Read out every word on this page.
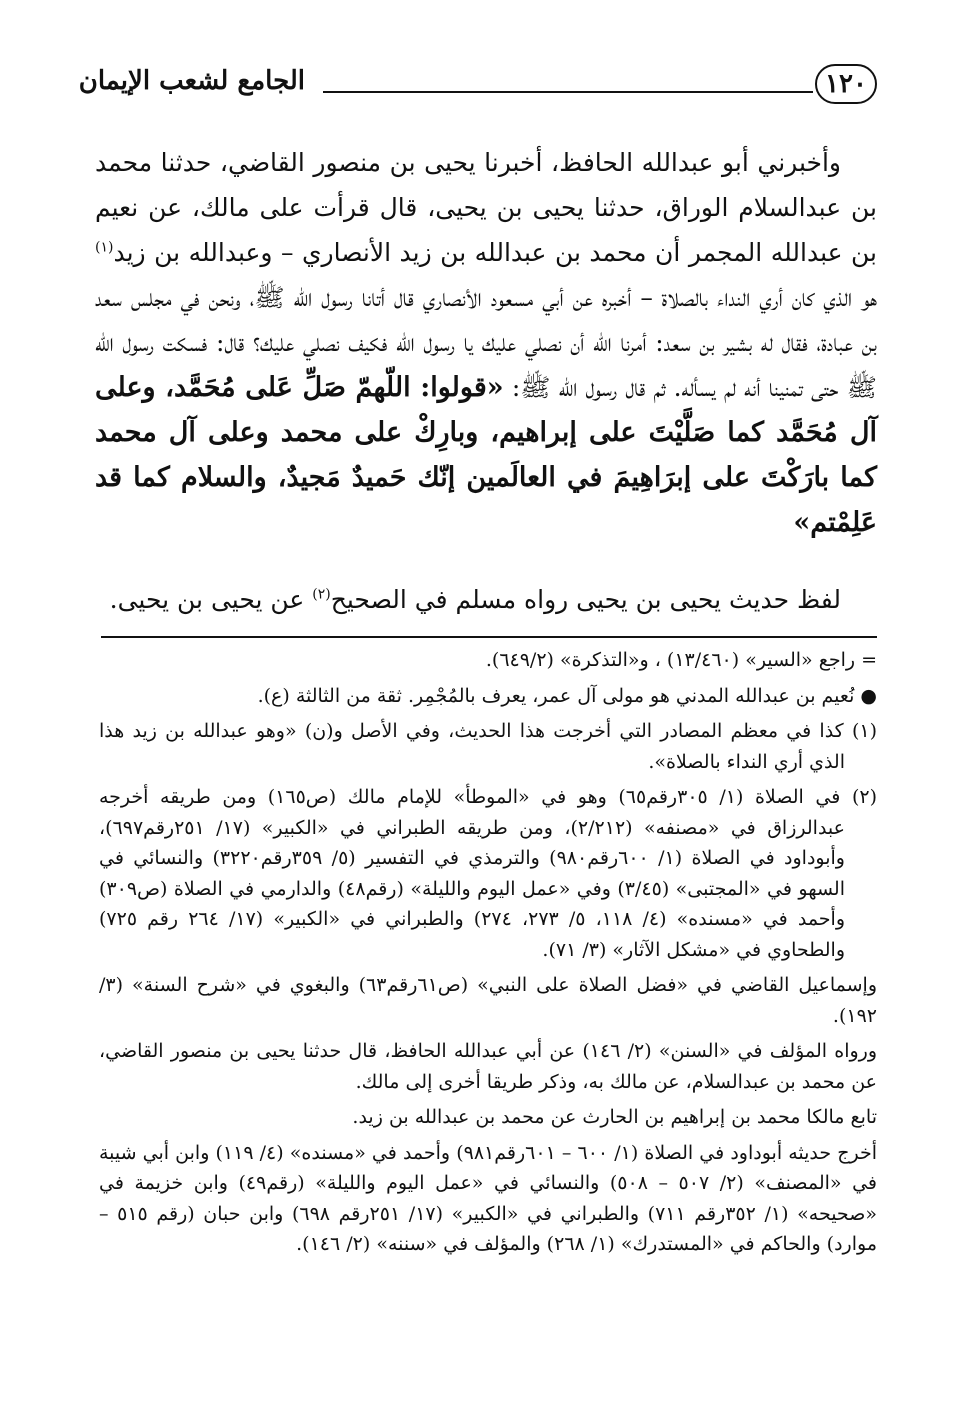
١٢٠
الجامع لشعب الإيمان

وأخبرني أبو عبدالله الحافظ، أخبرنا يحيى بن منصور القاضي، حدثنا محمد بن عبدالسلام الوراق، حدثنا يحيى بن يحيى، قال قرأت على مالك، عن نعيم بن عبدالله المجمر أن محمد بن عبدالله بن زيد الأنصاري – وعبدالله بن زيد$^{(١)}$ هو الذي كان أري النداء بالصلاة – أخبره عن أبي مسعود الأنصاري قال أتانا رسول الله ﷺ، ونحن في مجلس سعد بن عبادة، فقال له بشير بن سعد: أمرنا الله أن نصلي عليك يا رسول الله فكيف نصلي عليك؟ قال: فسكت رسول الله ﷺ حتى تمنينا أنه لم يسأله. ثم قال رسول الله ﷺ: «قولوا: اللّهمّ صَلِّ عَلى مُحَمَّد، وعلى آل مُحَمَّد كما صَلَّيْتَ على إبراهيم، وبارِكْ على محمد وعلى آل محمد كما بارَكْتَ على إبرَاهِيمَ في العالَمين إنّك حَميدٌ مَجيدٌ، والسلام كما قد عَلِمْتم»

لفظ حديث يحيى بن يحيى رواه مسلم في الصحيح$^{(٢)}$ عن يحيى بن يحيى.

= راجع «السير» (١٣/٤٦٠) ، و«التذكرة» (٦٤٩/٢).

● نُعيم بن عبدالله المدني هو مولى آل عمر، يعرف بالمُجْمِر. ثقة من الثالثة (ع).

(١) كذا في معظم المصادر التي أخرجت هذا الحديث، وفي الأصل و(ن) «وهو عبدالله بن زيد هذا الذي أري النداء بالصلاة».

(٢) في الصلاة (١/ ٣٠٥رقم٦٥) وهو في «الموطأ» للإمام مالك (ص١٦٥) ومن طريقه أخرجه عبدالرزاق في «مصنفه» (٢/٢١٢)، ومن طريقه الطبراني في «الكبير» (١٧/ ٢٥١رقم٦٩٧)، وأبوداود في الصلاة (١/ ٦٠٠رقم٩٨٠) والترمذي في التفسير (٥/ ٣٥٩رقم٣٢٢٠) والنسائي في السهو في «المجتبى» (٣/٤٥) وفي «عمل اليوم والليلة» (رقم٤٨) والدارمي في الصلاة (ص٣٠٩) وأحمد في «مسنده» (٤/ ١١٨، ٥/ ٢٧٣، ٢٧٤) والطبراني في «الكبير» (١٧/ ٢٦٤ رقم ٧٢٥) والطحاوي في «مشكل الآثار» (٣/ ٧١).

وإسماعيل القاضي في «فضل الصلاة على النبي» (ص٦١رقم٦٣) والبغوي في «شرح السنة» (٣/ ١٩٢).

ورواه المؤلف في «السنن» (٢/ ١٤٦) عن أبي عبدالله الحافظ، قال حدثنا يحيى بن منصور القاضي، عن محمد بن عبدالسلام، عن مالك به، وذكر طريقا أخرى إلى مالك.

تابع مالكا محمد بن إبراهيم بن الحارث عن محمد بن عبدالله بن زيد.

أخرج حديثه أبوداود في الصلاة (١/ ٦٠٠ – ٦٠١رقم٩٨١) وأحمد في «مسنده» (٤/ ١١٩) وابن أبي شيبة في «المصنف» (٢/ ٥٠٧ – ٥٠٨) والنسائي في «عمل اليوم والليلة» (رقم٤٩) وابن خزيمة في «صحيحه» (١/ ٣٥٢رقم ٧١١) والطبراني في «الكبير» (١٧/ ٢٥١رقم ٦٩٨) وابن حبان (رقم ٥١٥ – موارد) والحاكم في «المستدرك» (١/ ٢٦٨) والمؤلف في «سننه» (٢/ ١٤٦).
